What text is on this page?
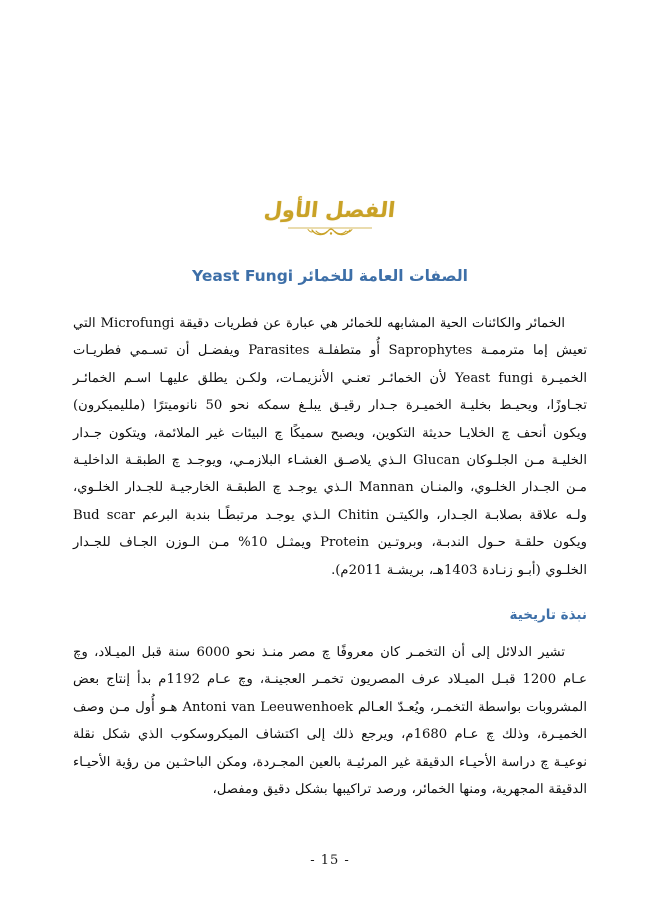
الفصل الأول
الصفات العامة للخمائر Yeast Fungi

الخمائر والكائنات الحية المشابهه للخمائر هي عبارة عن فطريات دقيقة Microfungi التي تعيش إما مترممـة Saprophytes أُو متطفلـة Parasites ويفضـل أن تسـمي فطريـات الخميـرة Yeast fungi لأن الخمائـر تعنـي الأنزيمـات، ولكـن يطلق عليهـا اسـم الخمائـر تجـاوزًا، ويحيـط بخليـة الخميـرة جـدار رقيـق يبلـغ سمكه نحو 50 نانوميترًا (ملليميكرون) ويكون أنحف ﭺ الخلايـا حديثة التكوين، ويصبح سميكًا ﭺ البيئات غير الملائمة، ويتكون جـدار الخليـة مـن الجلـوكان Glucan الـذي يلاصـق الغشـاء البلازمـي، ويوجـد ﭺ الطبقـة الداخليـة مـن الجـدار الخلـوي، والمنـان Mannan الـذي يوجـد ﭺ الطبقـة الخارجيـة للجـدار الخلـوي، ولـه علاقة بصلابـة الجـدار، والكيتـن Chitin الـذي يوجـد مرتبطًـا بندبة البرعم Bud scar ويكون حلقـة حـول الندبـة، وبروتـين Protein ويمثـل 10% مـن الـوزن الجـاف للجـدار الخلـوي (أبـو زنـادة 1403هـ، بريشـة 2011م).

نبذة تاريخية

تشير الدلائل إلى أن التخمـر كان معروفًا ﭺ مصر منـذ نحو 6000 سنة قبل الميـلاد، وﭺ عـام 1200 قبـل الميـلاد عرف المصريون تخمـر العجينـة، وﭺ عـام 1192م بدأ إنتاج بعض المشروبات بواسطة التخمـر، ويُعـدّ العـالم Antoni van Leeuwenhoek هـو أُول مـن وصف الخميـرة، وذلك ﭺ عـام 1680م، ويرجع ذلك إلى اكتشاف الميكروسكوب الذي شكل نقلة نوعيـة ﭺ دراسة الأحيـاء الدقيقة غير المرئيـة بالعين المجـردة، ومكن الباحثـين من رؤية الأحيـاء الدقيقة المجهرية، ومنها الخمائر، ورصد تراكيبها بشكل دقيق ومفصل،

- 15 -
